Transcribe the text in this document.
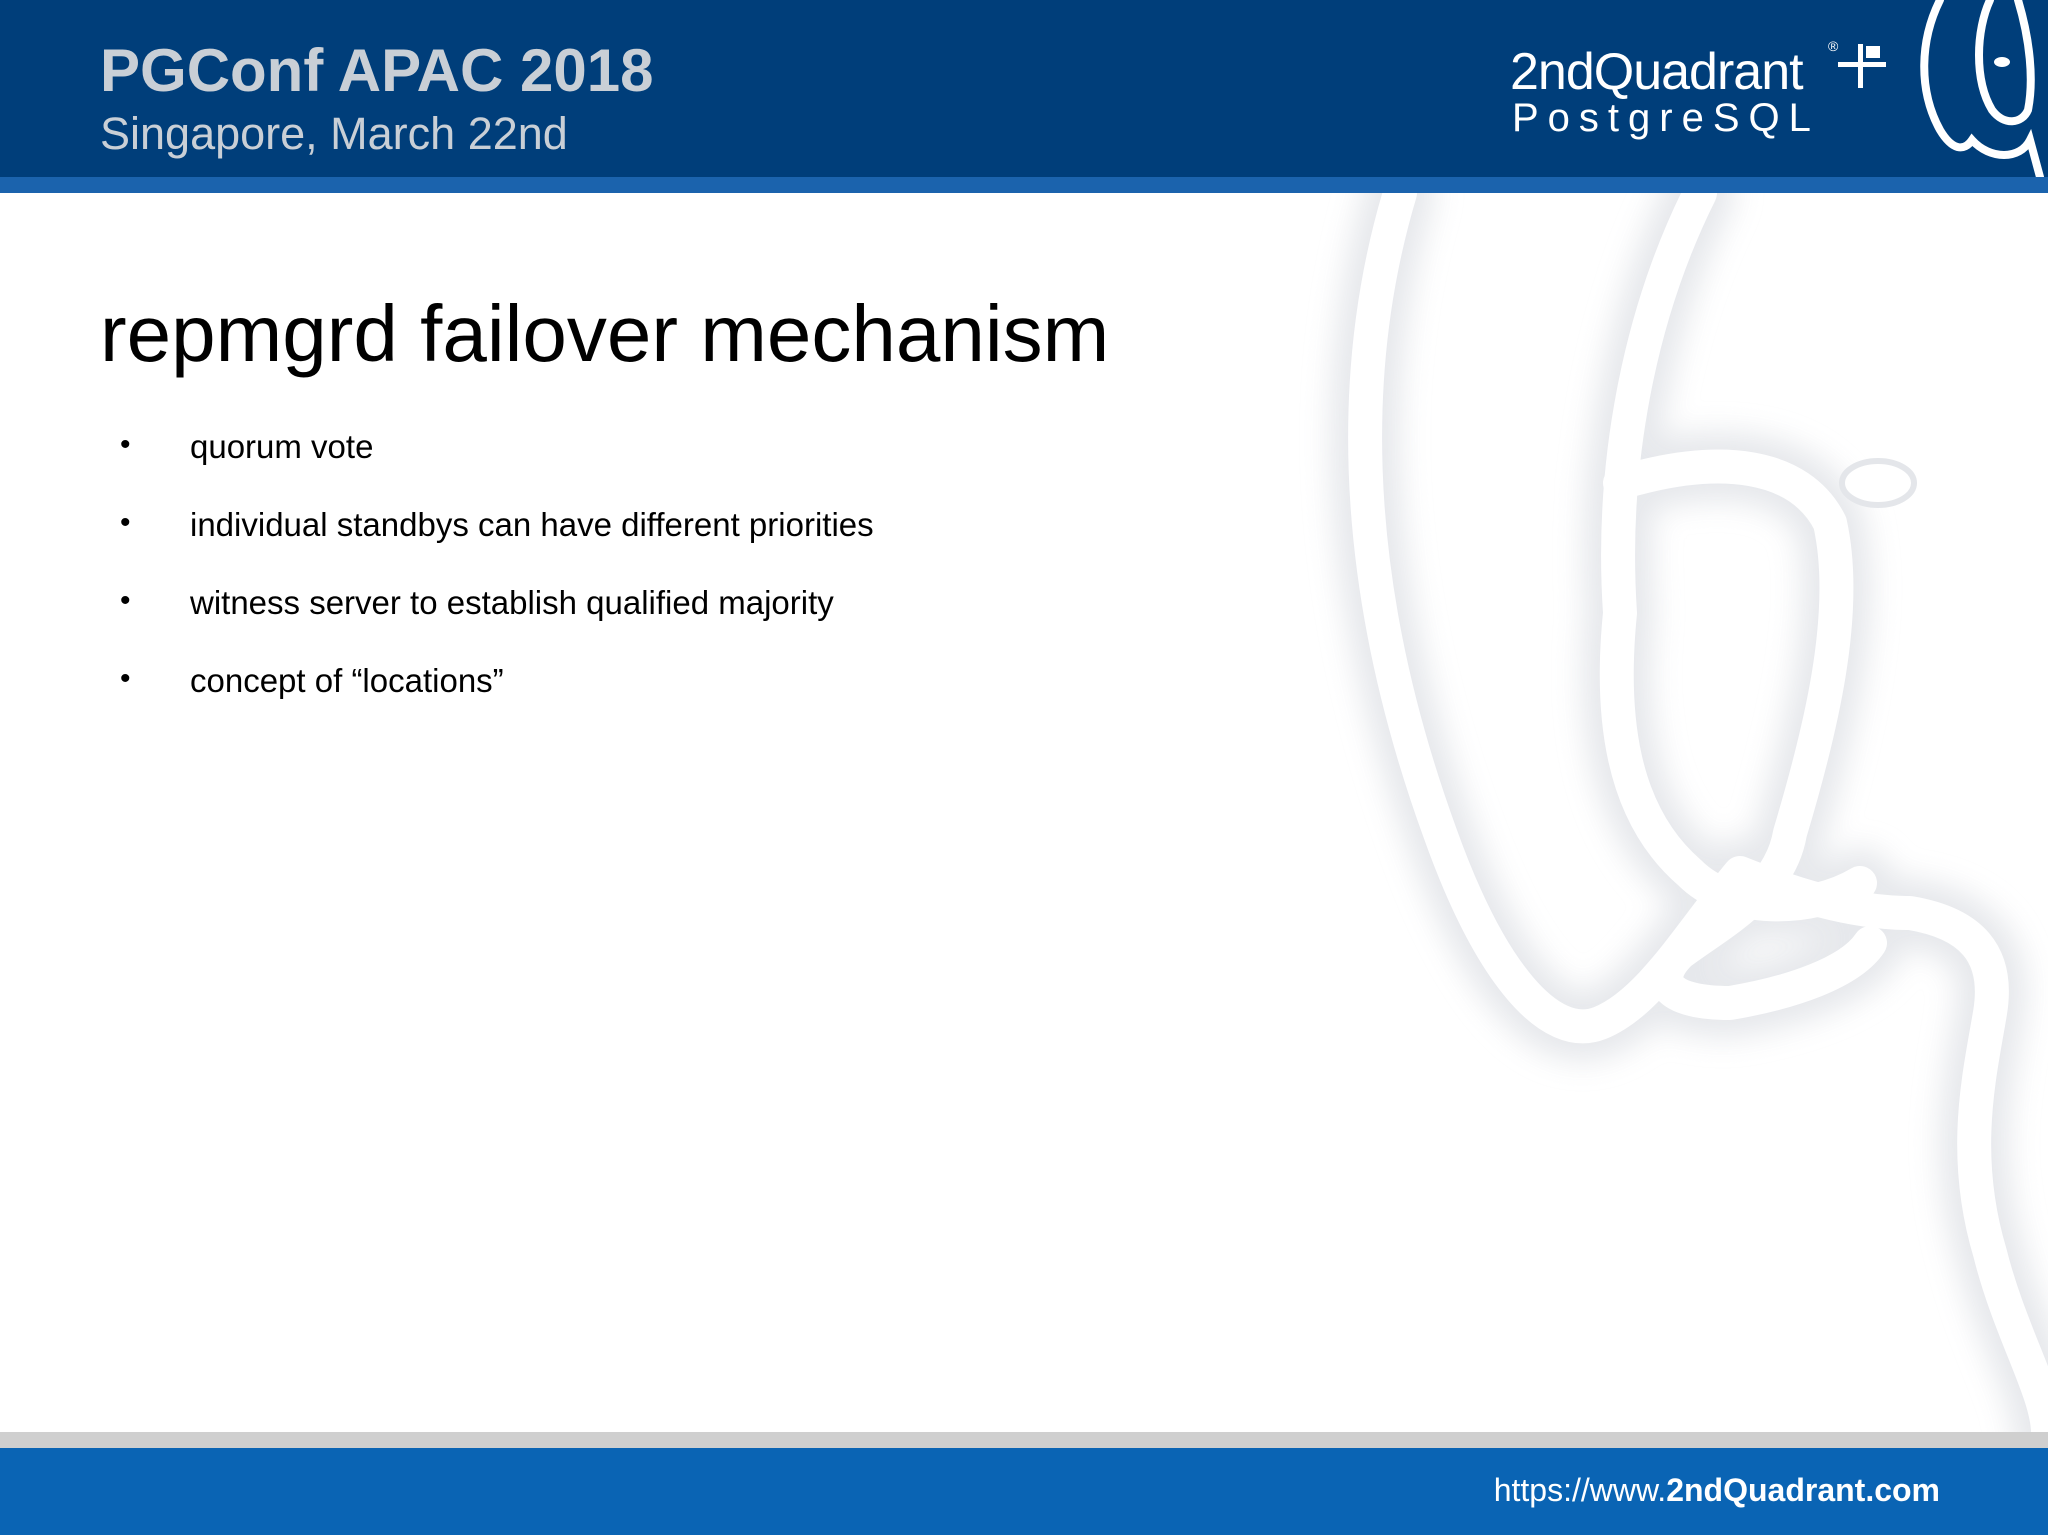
PGConf APAC 2018
Singapore, March 22nd
2ndQuadrant ®
PostgreSQL
repmgrd failover mechanism
• quorum vote
• individual standbys can have different priorities
• witness server to establish qualified majority
• concept of “locations”
https://www.2ndQuadrant.com
